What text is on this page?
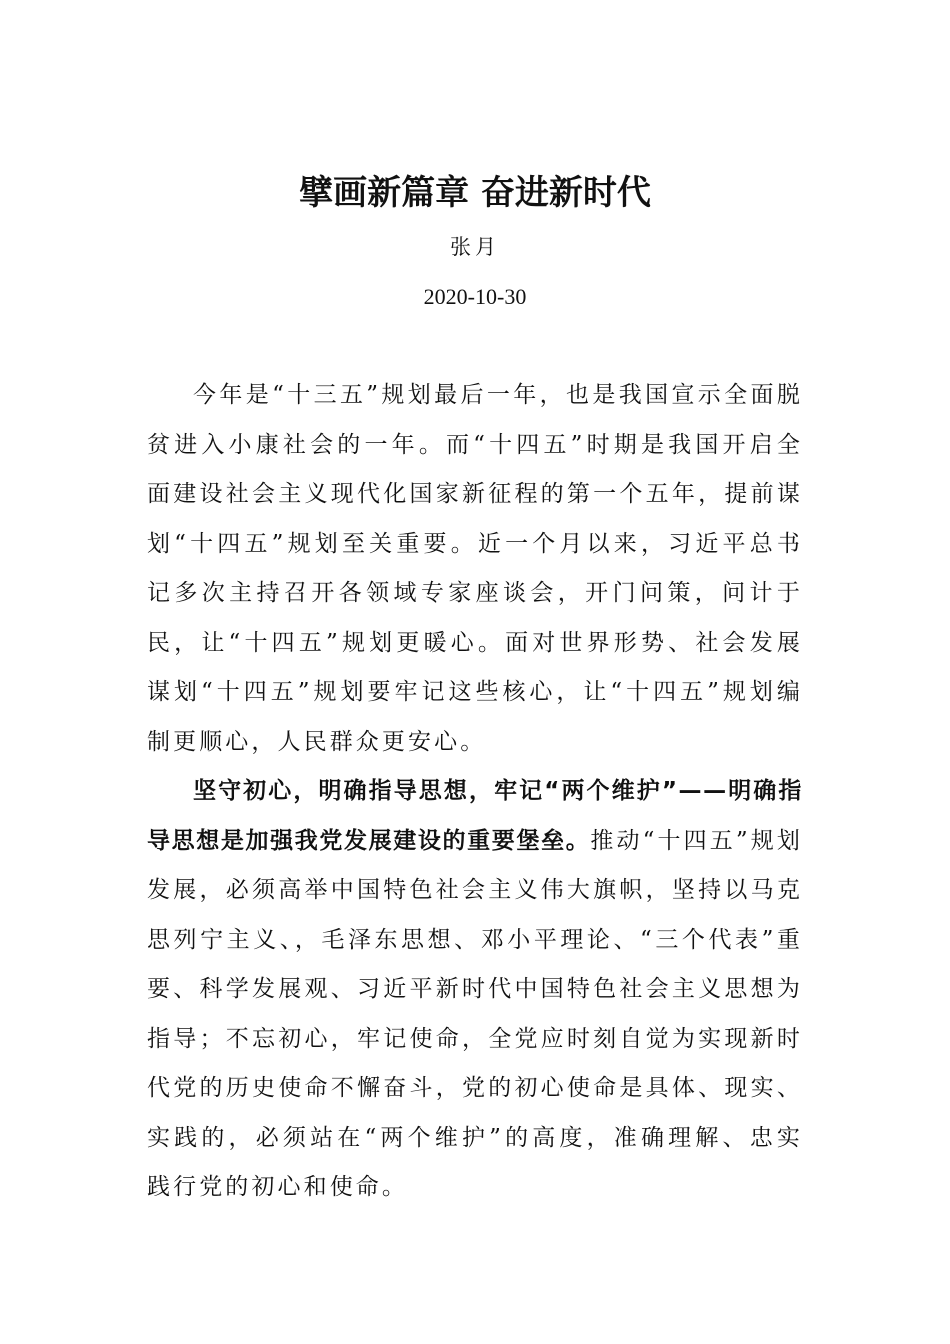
擘画新篇章 奋进新时代
张月
2020-10-30

今年是“十三五”规划最后一年，也是我国宣示全面脱贫进入小康社会的一年。而“十四五”时期是我国开启全面建设社会主义现代化国家新征程的第一个五年，提前谋划“十四五”规划至关重要。近一个月以来，习近平总书记多次主持召开各领域专家座谈会，开门问策，问计于民，让“十四五”规划更暖心。面对世界形势、社会发展谋划“十四五”规划要牢记这些核心，让“十四五”规划编制更顺心，人民群众更安心。

坚守初心，明确指导思想，牢记“两个维护”——明确指导思想是加强我党发展建设的重要堡垒。推动“十四五”规划发展，必须高举中国特色社会主义伟大旗帜，坚持以马克思列宁主义、，毛泽东思想、邓小平理论、“三个代表”重要、科学发展观、习近平新时代中国特色社会主义思想为指导；不忘初心，牢记使命，全党应时刻自觉为实现新时代党的历史使命不懈奋斗，党的初心使命是具体、现实、实践的，必须站在“两个维护”的高度，准确理解、忠实践行党的初心和使命。
